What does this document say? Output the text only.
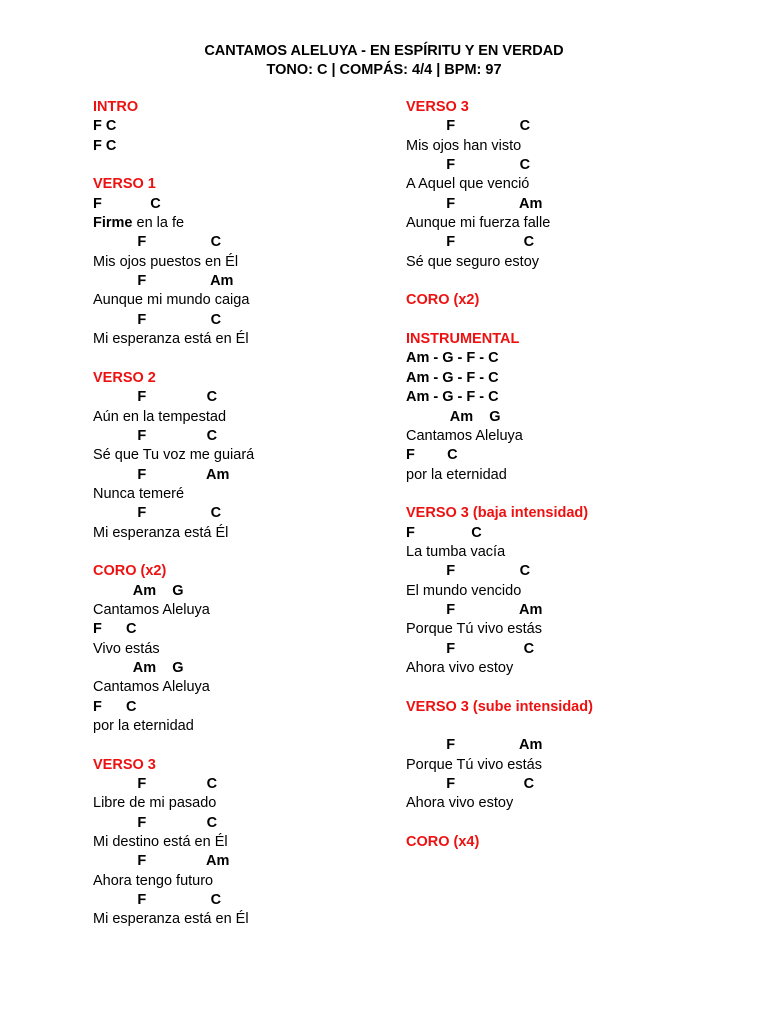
CANTAMOS ALELUYA - EN ESPÍRITU Y EN VERDAD
TONO: C | COMPÁS: 4/4 | BPM: 97
INTRO
F C
F C
VERSO 1
F            C
Firme en la fe
F                C
Mis ojos puestos en Él
F                Am
Aunque mi mundo caiga
F                C
Mi esperanza está en Él
VERSO 2
F               C
Aún en la tempestad
F               C
Sé que Tu voz me guiará
F               Am
Nunca temeré
F                C
Mi esperanza está Él
CORO (x2)
Am    G
Cantamos Aleluya
F      C
Vivo estás
Am    G
Cantamos Aleluya
F      C
por la eternidad
VERSO 3
F               C
Libre de mi pasado
F               C
Mi destino está en Él
F               Am
Ahora tengo futuro
F                C
Mi esperanza está en Él
VERSO 3
F                C
Mis ojos han visto
F                C
A Aquel que venció
F                Am
Aunque mi fuerza falle
F                 C
Sé que seguro estoy
CORO (x2)
INSTRUMENTAL
Am - G - F - C
Am - G - F - C
Am - G - F - C
Am    G
Cantamos Aleluya
F        C
por la eternidad
VERSO 3 (baja intensidad)
F              C
La tumba vacía
F                C
El mundo vencido
F                Am
Porque Tú vivo estás
F                 C
Ahora vivo estoy
VERSO 3 (sube intensidad)
F                Am
Porque Tú vivo estás
F                 C
Ahora vivo estoy
CORO (x4)
